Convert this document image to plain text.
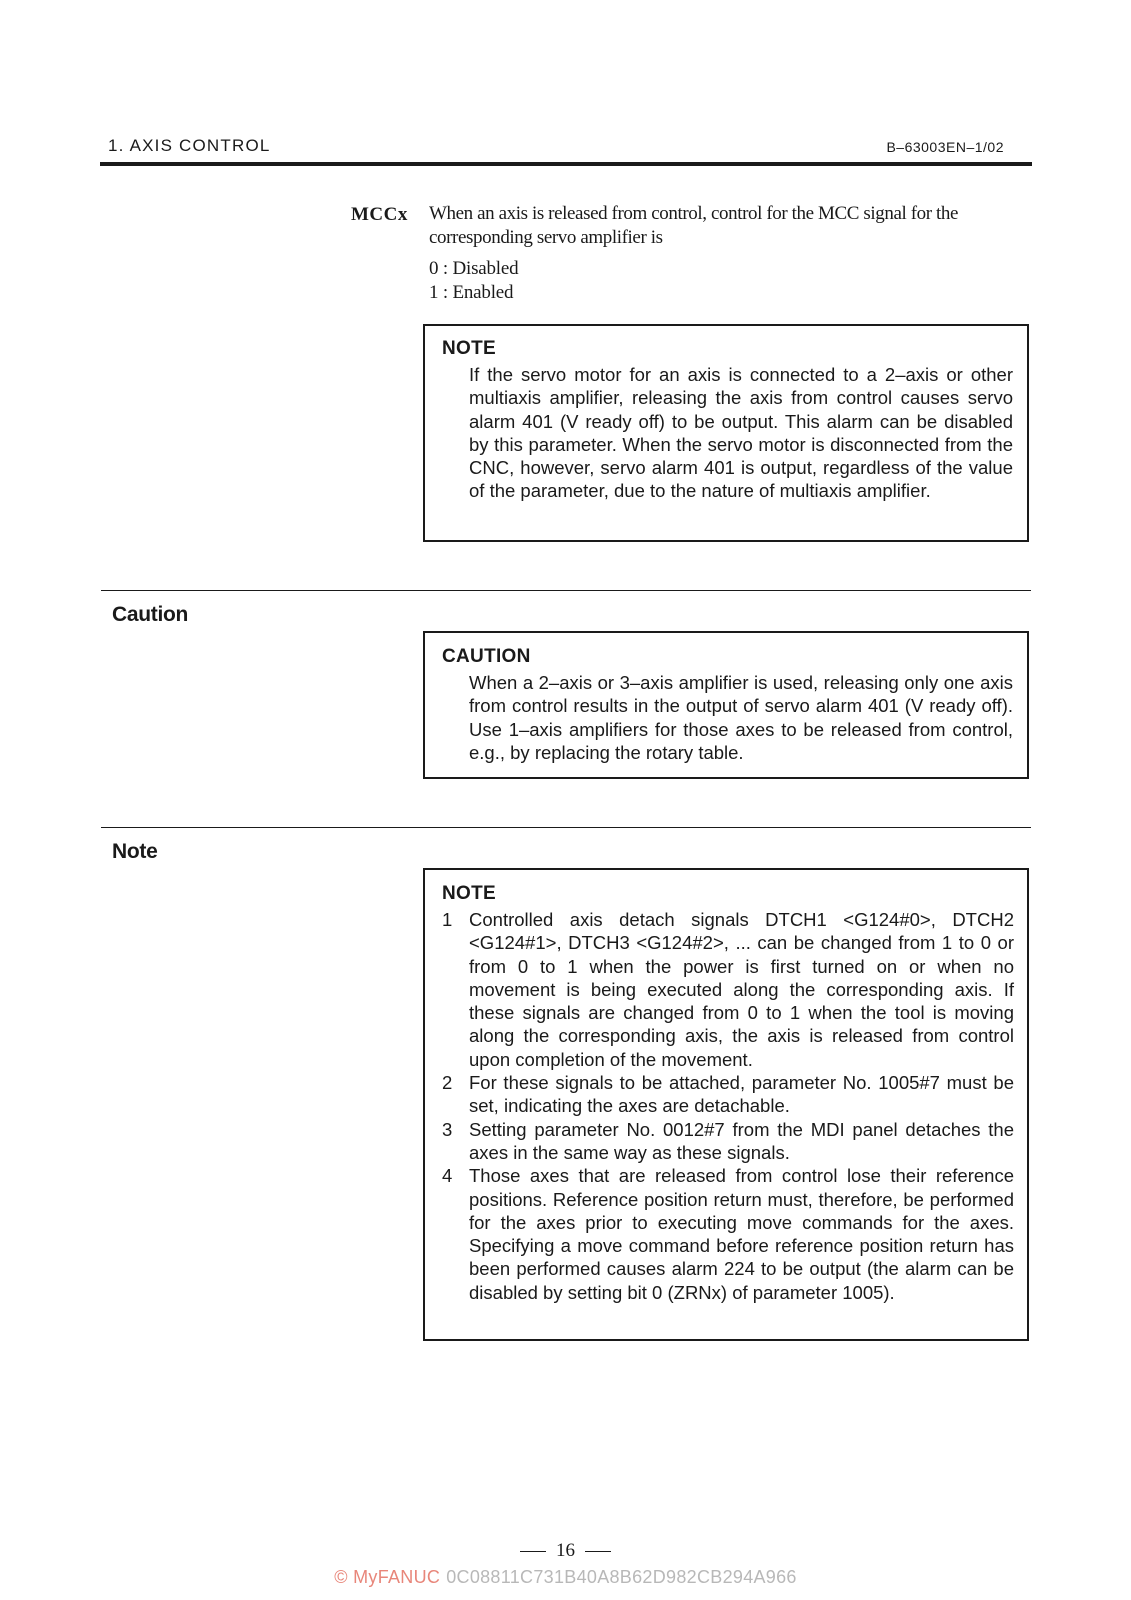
1. AXIS CONTROL	B–63003EN–1/02
MCCx When an axis is released from control, control for the MCC signal for the corresponding servo amplifier is
0 : Disabled
1 : Enabled
NOTE
If the servo motor for an axis is connected to a 2–axis or other multiaxis amplifier, releasing the axis from control causes servo alarm 401 (V ready off) to be output. This alarm can be disabled by this parameter. When the servo motor is disconnected from the CNC, however, servo alarm 401 is output, regardless of the value of the parameter, due to the nature of multiaxis amplifier.
Caution
CAUTION
When a 2–axis or 3–axis amplifier is used, releasing only one axis from control results in the output of servo alarm 401 (V ready off). Use 1–axis amplifiers for those axes to be released from control, e.g., by replacing the rotary table.
Note
NOTE
1 Controlled axis detach signals DTCH1 <G124#0>, DTCH2 <G124#1>, DTCH3 <G124#2>, ... can be changed from 1 to 0 or from 0 to 1 when the power is first turned on or when no movement is being executed along the corresponding axis. If these signals are changed from 0 to 1 when the tool is moving along the corresponding axis, the axis is released from control upon completion of the movement.
2 For these signals to be attached, parameter No. 1005#7 must be set, indicating the axes are detachable.
3 Setting parameter No. 0012#7 from the MDI panel detaches the axes in the same way as these signals.
4 Those axes that are released from control lose their reference positions. Reference position return must, therefore, be performed for the axes prior to executing move commands for the axes. Specifying a move command before reference position return has been performed causes alarm 224 to be output (the alarm can be disabled by setting bit 0 (ZRNx) of parameter 1005).
16
© MyFANUC 0C08811C731B40A8B62D982CB294A966
